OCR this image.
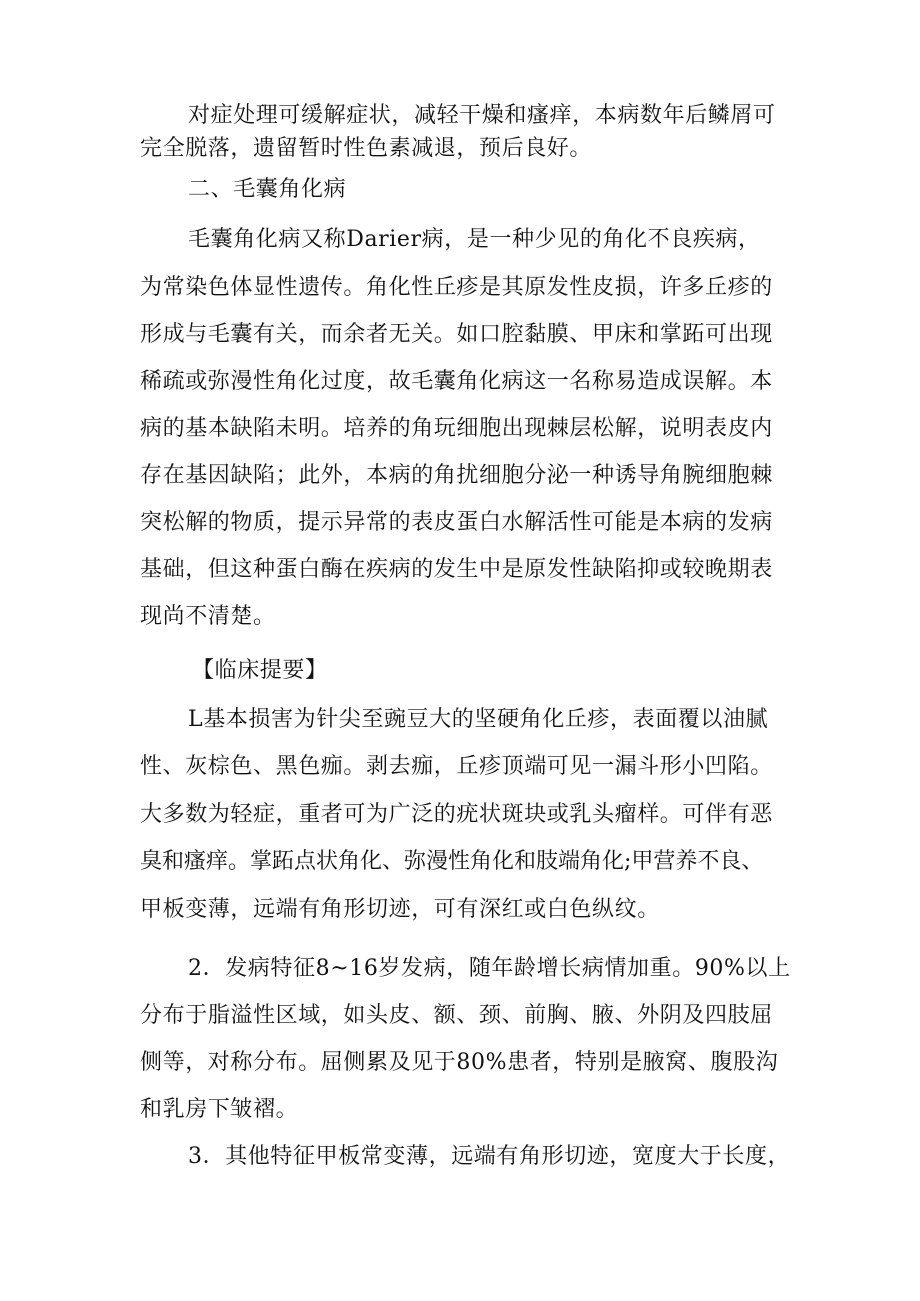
对症处理可缓解症状，减轻干燥和瘙痒，本病数年后鳞屑可
完全脱落，遗留暂时性色素减退，预后良好。
二、毛囊角化病
毛囊角化病又称Darier病，是一种少见的角化不良疾病，
为常染色体显性遗传。角化性丘疹是其原发性皮损，许多丘疹的
形成与毛囊有关，而余者无关。如口腔黏膜、甲床和掌跖可出现
稀疏或弥漫性角化过度，故毛囊角化病这一名称易造成误解。本
病的基本缺陷未明。培养的角玩细胞出现棘层松解，说明表皮内
存在基因缺陷；此外，本病的角扰细胞分泌一种诱导角腕细胞棘
突松解的物质，提示异常的表皮蛋白水解活性可能是本病的发病
基础，但这种蛋白酶在疾病的发生中是原发性缺陷抑或较晚期表
现尚不清楚。
【临床提要】
L基本损害为针尖至豌豆大的坚硬角化丘疹，表面覆以油腻
性、灰棕色、黑色痂。剥去痂，丘疹顶端可见一漏斗形小凹陷。
大多数为轻症，重者可为广泛的疣状斑块或乳头瘤样。可伴有恶
臭和瘙痒。掌跖点状角化、弥漫性角化和肢端角化;甲营养不良、
甲板变薄，远端有角形切迹，可有深红或白色纵纹。
2．发病特征8~16岁发病，随年龄增长病情加重。90%以上
分布于脂溢性区域，如头皮、额、颈、前胸、腋、外阴及四肢屈
侧等，对称分布。屈侧累及见于80%患者，特别是腋窝、腹股沟
和乳房下皱褶。
3．其他特征甲板常变薄，远端有角形切迹，宽度大于长度，
